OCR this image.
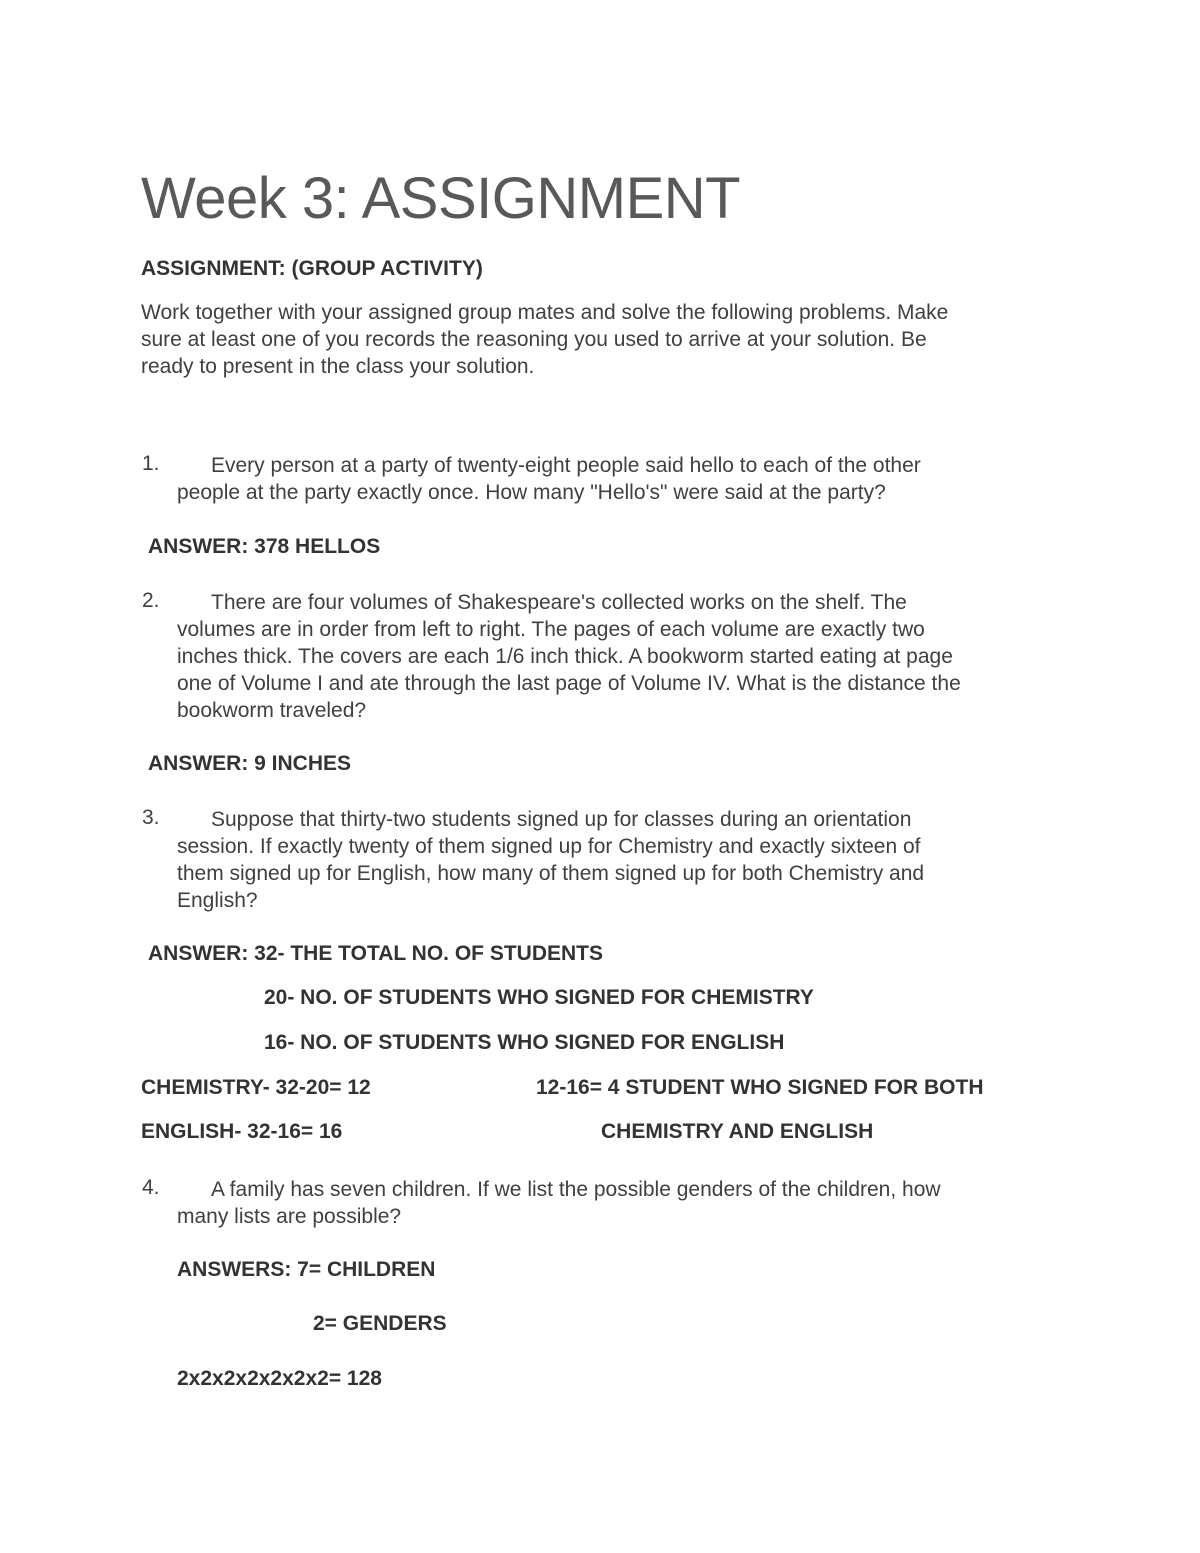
Week 3: ASSIGNMENT
ASSIGNMENT: (GROUP ACTIVITY)
Work together with your assigned group mates and solve the following problems. Make
sure at least one of you records the reasoning you used to arrive at your solution. Be
ready to present in the class your solution.
1. Every person at a party of twenty-eight people said hello to each of the other
people at the party exactly once. How many "Hello's" were said at the party?
ANSWER: 378 HELLOS
2. There are four volumes of Shakespeare's collected works on the shelf. The
volumes are in order from left to right. The pages of each volume are exactly two
inches thick. The covers are each 1/6 inch thick. A bookworm started eating at page
one of Volume I and ate through the last page of Volume IV. What is the distance the
bookworm traveled?
ANSWER: 9 INCHES
3. Suppose that thirty-two students signed up for classes during an orientation
session. If exactly twenty of them signed up for Chemistry and exactly sixteen of
them signed up for English, how many of them signed up for both Chemistry and
English?
ANSWER: 32- THE TOTAL NO. OF STUDENTS
20- NO. OF STUDENTS WHO SIGNED FOR CHEMISTRY
16- NO. OF STUDENTS WHO SIGNED FOR ENGLISH
CHEMISTRY- 32-20= 12	12-16= 4 STUDENT WHO SIGNED FOR BOTH
ENGLISH- 32-16= 16	CHEMISTRY AND ENGLISH
4. A family has seven children. If we list the possible genders of the children, how
many lists are possible?
ANSWERS: 7= CHILDREN
2= GENDERS
2x2x2x2x2x2x2= 128
